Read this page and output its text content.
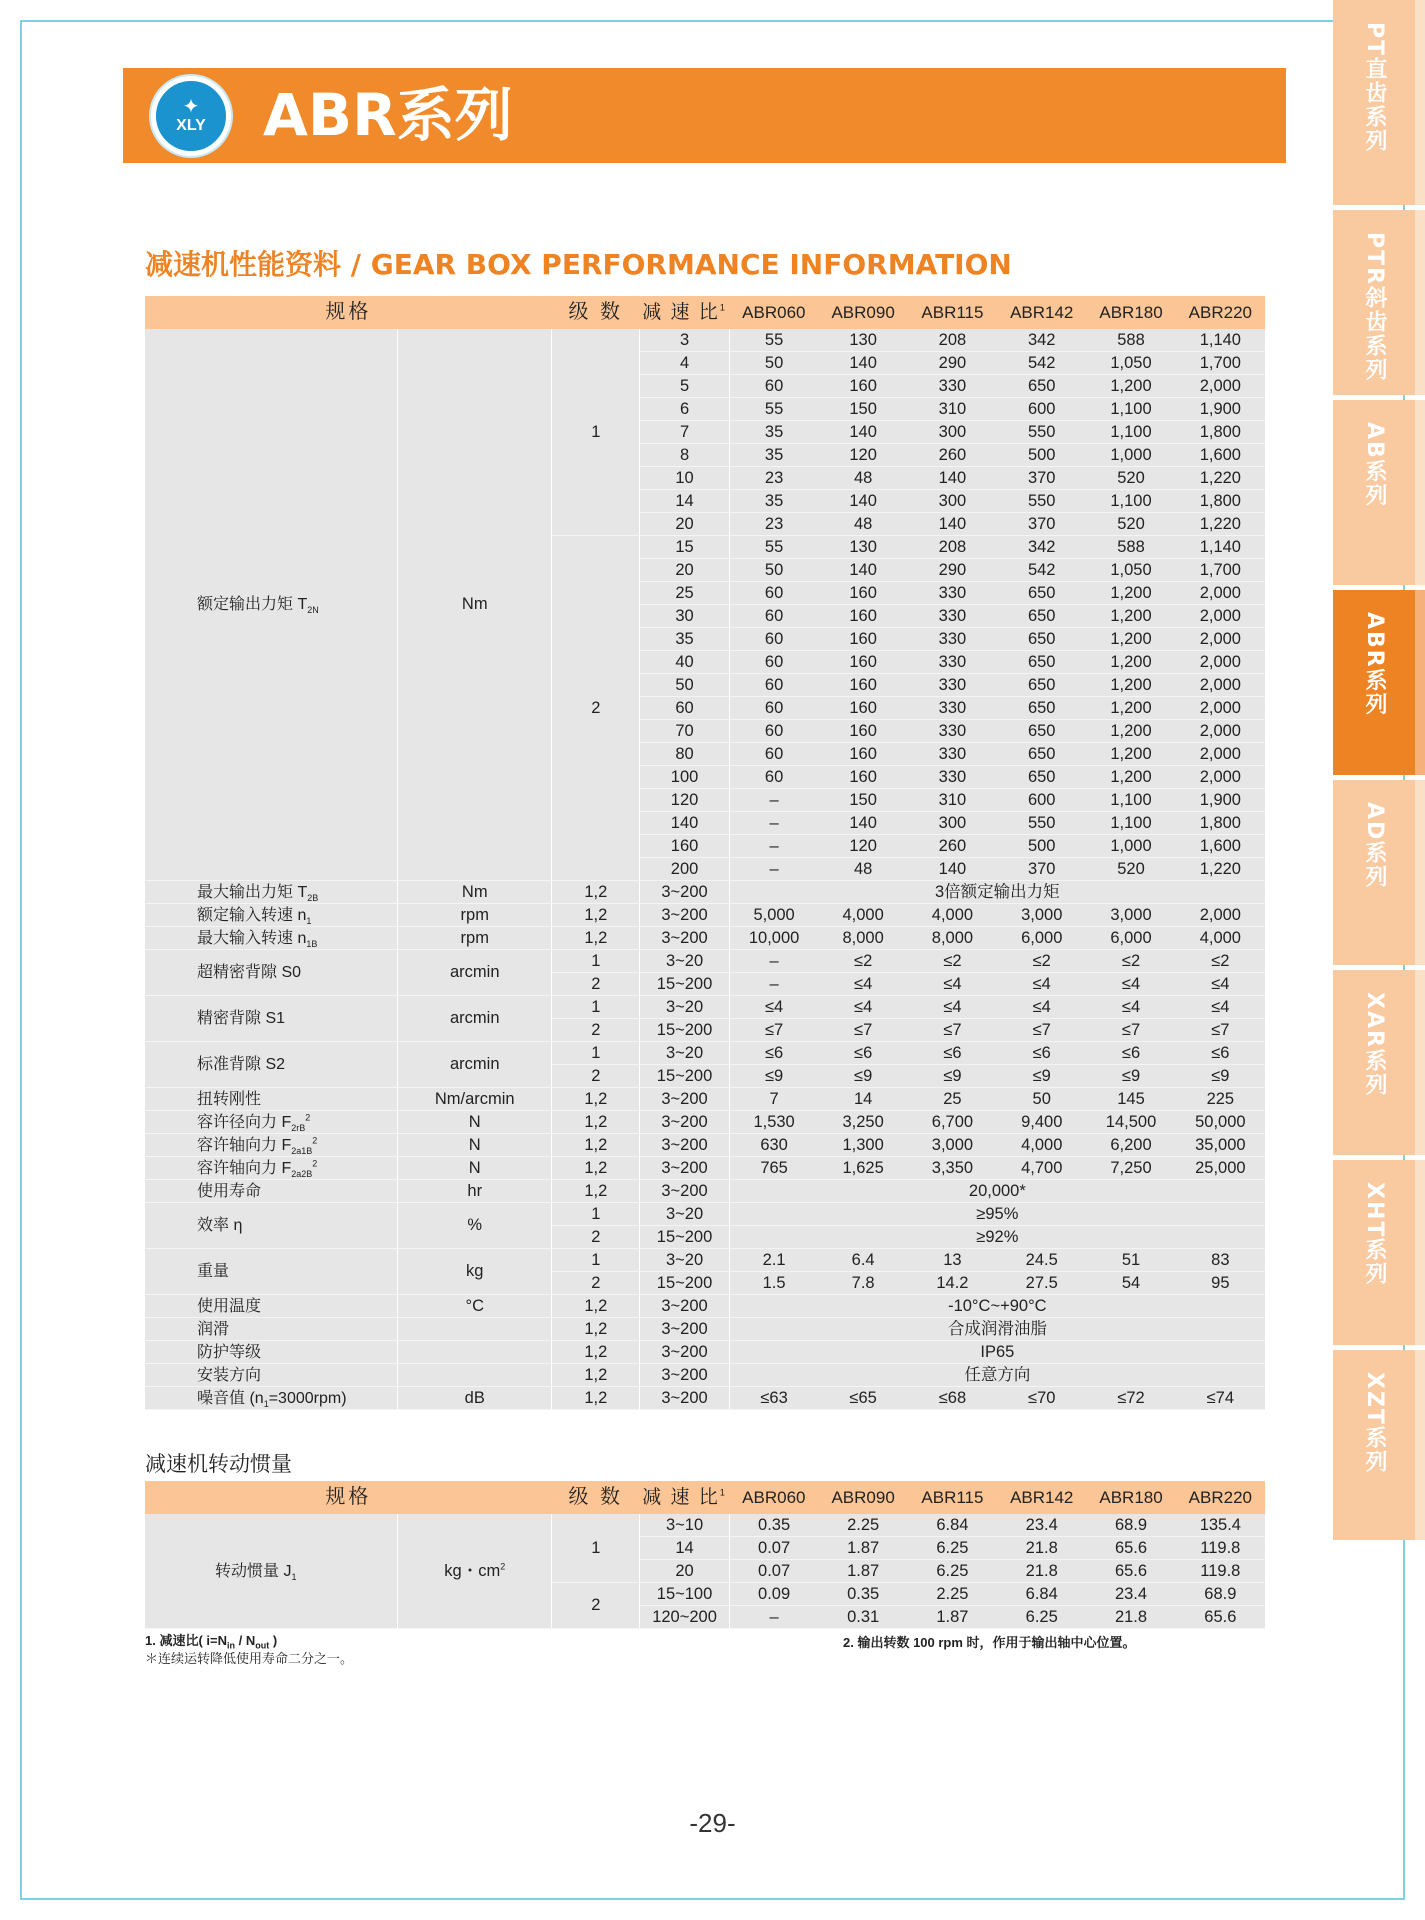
✦
XLY ABR系列
减速机性能资料 / GEAR BOX PERFORMANCE INFORMATION
规格		级 数	减 速 比$^1$	ABR060	ABR090	ABR115	ABR142	ABR180	ABR220
额定输出力矩 $T_{2N}$	Nm	1	3	55	130	208	342	588	1,140
			4	50	140	290	542	1,050	1,700
			5	60	160	330	650	1,200	2,000
			6	55	150	310	600	1,100	1,900
			7	35	140	300	550	1,100	1,800
			8	35	120	260	500	1,000	1,600
			10	23	48	140	370	520	1,220
			14	35	140	300	550	1,100	1,800
			20	23	48	140	370	520	1,220
		2	15	55	130	208	342	588	1,140
			20	50	140	290	542	1,050	1,700
			25	60	160	330	650	1,200	2,000
			30	60	160	330	650	1,200	2,000
			35	60	160	330	650	1,200	2,000
			40	60	160	330	650	1,200	2,000
			50	60	160	330	650	1,200	2,000
			60	60	160	330	650	1,200	2,000
			70	60	160	330	650	1,200	2,000
			80	60	160	330	650	1,200	2,000
			100	60	160	330	650	1,200	2,000
			120	–	150	310	600	1,100	1,900
			140	–	140	300	550	1,100	1,800
			160	–	120	260	500	1,000	1,600
			200	–	48	140	370	520	1,220
最大输出力矩 $T_{2B}$	Nm	1,2	3~200	3倍额定输出力矩					
额定输入转速 $n_1$	rpm	1,2	3~200	5,000	4,000	4,000	3,000	3,000	2,000
最大输入转速 $n_{1B}$	rpm	1,2	3~200	10,000	8,000	8,000	6,000	6,000	4,000
超精密背隙 S0	arcmin	1	3~20	–	≤2	≤2	≤2	≤2	≤2
		2	15~200	–	≤4	≤4	≤4	≤4	≤4
精密背隙 S1	arcmin	1	3~20	≤4	≤4	≤4	≤4	≤4	≤4
		2	15~200	≤7	≤7	≤7	≤7	≤7	≤7
标准背隙 S2	arcmin	1	3~20	≤6	≤6	≤6	≤6	≤6	≤6
		2	15~200	≤9	≤9	≤9	≤9	≤9	≤9
扭转刚性	Nm/arcmin	1,2	3~200	7	14	25	50	145	225
容许径向力 $F_{2rB}^2$	N	1,2	3~200	1,530	3,250	6,700	9,400	14,500	50,000
容许轴向力 $F_{2a1B}^2$	N	1,2	3~200	630	1,300	3,000	4,000	6,200	35,000
容许轴向力 $F_{2a2B}^2$	N	1,2	3~200	765	1,625	3,350	4,700	7,250	25,000
使用寿命	hr	1,2	3~200	20,000*					
效率 η	%	1	3~20	≥95%					
		2	15~200	≥92%					
重量	kg	1	3~20	2.1	6.4	13	24.5	51	83
		2	15~200	1.5	7.8	14.2	27.5	54	95
使用温度	°C	1,2	3~200	-10°C~+90°C					
润滑		1,2	3~200	合成润滑油脂					
防护等级		1,2	3~200	IP65					
安装方向		1,2	3~200	任意方向					
噪音值 $(n_1=3000rpm)$	dB	1,2	3~200	≤63	≤65	≤68	≤70	≤72	≤74
减速机转动惯量
规格		级 数	减 速 比$^1$	ABR060	ABR090	ABR115	ABR142	ABR180	ABR220
转动惯量 $J_1$	kg・$cm^2$	1	3~10	0.35	2.25	6.84	23.4	68.9	135.4
			14	0.07	1.87	6.25	21.8	65.6	119.8
			20	0.07	1.87	6.25	21.8	65.6	119.8
		2	15~100	0.09	0.35	2.25	6.84	23.4	68.9
			120~200	–	0.31	1.87	6.25	21.8	65.6
1. 减速比( $i=N_{in} / N_{out}$ )
＊连续运转降低使用寿命二分之一。
2. 输出转数 100 rpm 时，作用于输出轴中心位置。
-29-
PT直齿系列
PTR斜齿系列
AB系列
ABR系列
AD系列
XAR系列
XHT系列
XZT系列
